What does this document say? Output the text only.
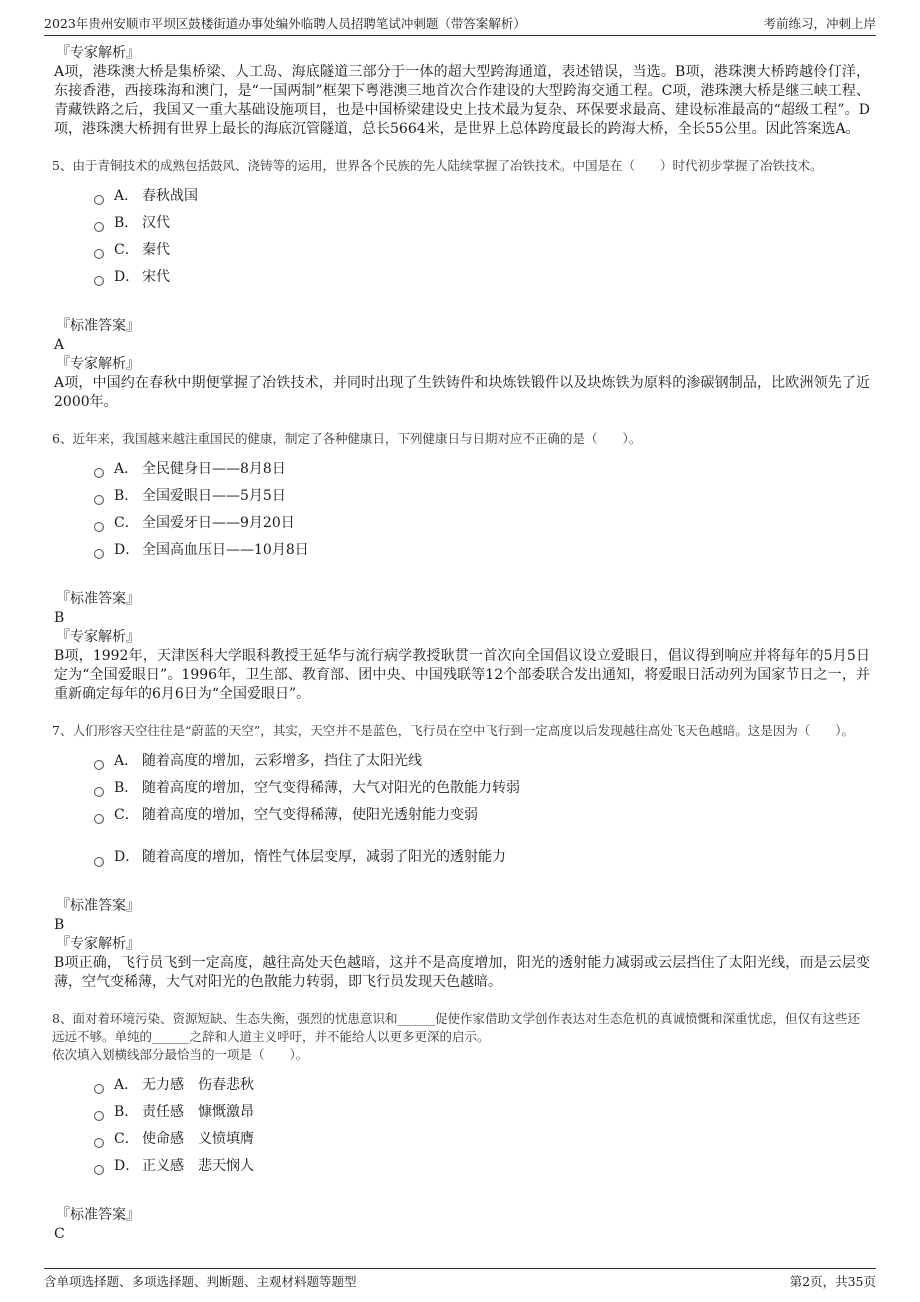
2023年贵州安顺市平坝区鼓楼街道办事处编外临聘人员招聘笔试冲刺题（带答案解析）	考前练习，冲刺上岸
『专家解析』

A项，港珠澳大桥是集桥梁、人工岛、海底隧道三部分于一体的超大型跨海通道，表述错误，当选。B项，港珠澳大桥跨越伶仃洋，东接香港，西接珠海和澳门，是“一国两制”框架下粤港澳三地首次合作建设的大型跨海交通工程。C项，港珠澳大桥是继三峡工程、青藏铁路之后，我国又一重大基础设施项目，也是中国桥梁建设史上技术最为复杂、环保要求最高、建设标准最高的“超级工程”。D项，港珠澳大桥拥有世界上最长的海底沉管隧道，总长5664米，是世界上总体跨度最长的跨海大桥，全长55公里。因此答案选A。

5、由于青铜技术的成熟包括鼓风、浇铸等的运用，世界各个民族的先人陆续掌握了冶铁技术。中国是在（　　）时代初步掌握了冶铁技术。
A． 春秋战国
B． 汉代
C． 秦代
D． 宋代
『标准答案』
A
『专家解析』

A项，中国约在春秋中期便掌握了冶铁技术，并同时出现了生铁铸件和块炼铁锻件以及块炼铁为原料的渗碳钢制品，比欧洲领先了近2000年。

6、近年来，我国越来越注重国民的健康，制定了各种健康日，下列健康日与日期对应不正确的是（　　）。
A． 全民健身日——8月8日
B． 全国爱眼日——5月5日
C． 全国爱牙日——9月20日
D． 全国高血压日——10月8日
『标准答案』
B
『专家解析』

B项，1992年，天津医科大学眼科教授王延华与流行病学教授耿贯一首次向全国倡议设立爱眼日，倡议得到响应并将每年的5月5日定为“全国爱眼日”。1996年，卫生部、教育部、团中央、中国残联等12个部委联合发出通知，将爱眼日活动列为国家节日之一，并重新确定每年的6月6日为“全国爱眼日”。

7、人们形容天空往往是“蔚蓝的天空”，其实，天空并不是蓝色，飞行员在空中飞行到一定高度以后发现越往高处飞天色越暗。这是因为（　　）。
A． 随着高度的增加，云彩增多，挡住了太阳光线
B． 随着高度的增加，空气变得稀薄，大气对阳光的色散能力转弱
C． 随着高度的增加，空气变得稀薄，使阳光透射能力变弱
D． 随着高度的增加，惰性气体层变厚，减弱了阳光的透射能力
『标准答案』
B
『专家解析』

B项正确，飞行员飞到一定高度，越往高处天色越暗，这并不是高度增加，阳光的透射能力减弱或云层挡住了太阳光线，而是云层变薄，空气变稀薄，大气对阳光的色散能力转弱，即飞行员发现天色越暗。

8、面对着环境污染、资源短缺、生态失衡，强烈的忧患意识和______促使作家借助文学创作表达对生态危机的真诚愤慨和深重忧虑，但仅有这些还远远不够。单纯的______之辞和人道主义呼吁，并不能给人以更多更深的启示。
依次填入划横线部分最恰当的一项是（　　）。
A． 无力感　伤春悲秋
B． 责任感　慷慨激昂
C． 使命感　义愤填膺
D． 正义感　悲天悯人
『标准答案』
C
含单项选择题、多项选择题、判断题、主观材料题等题型	第2页，共35页
